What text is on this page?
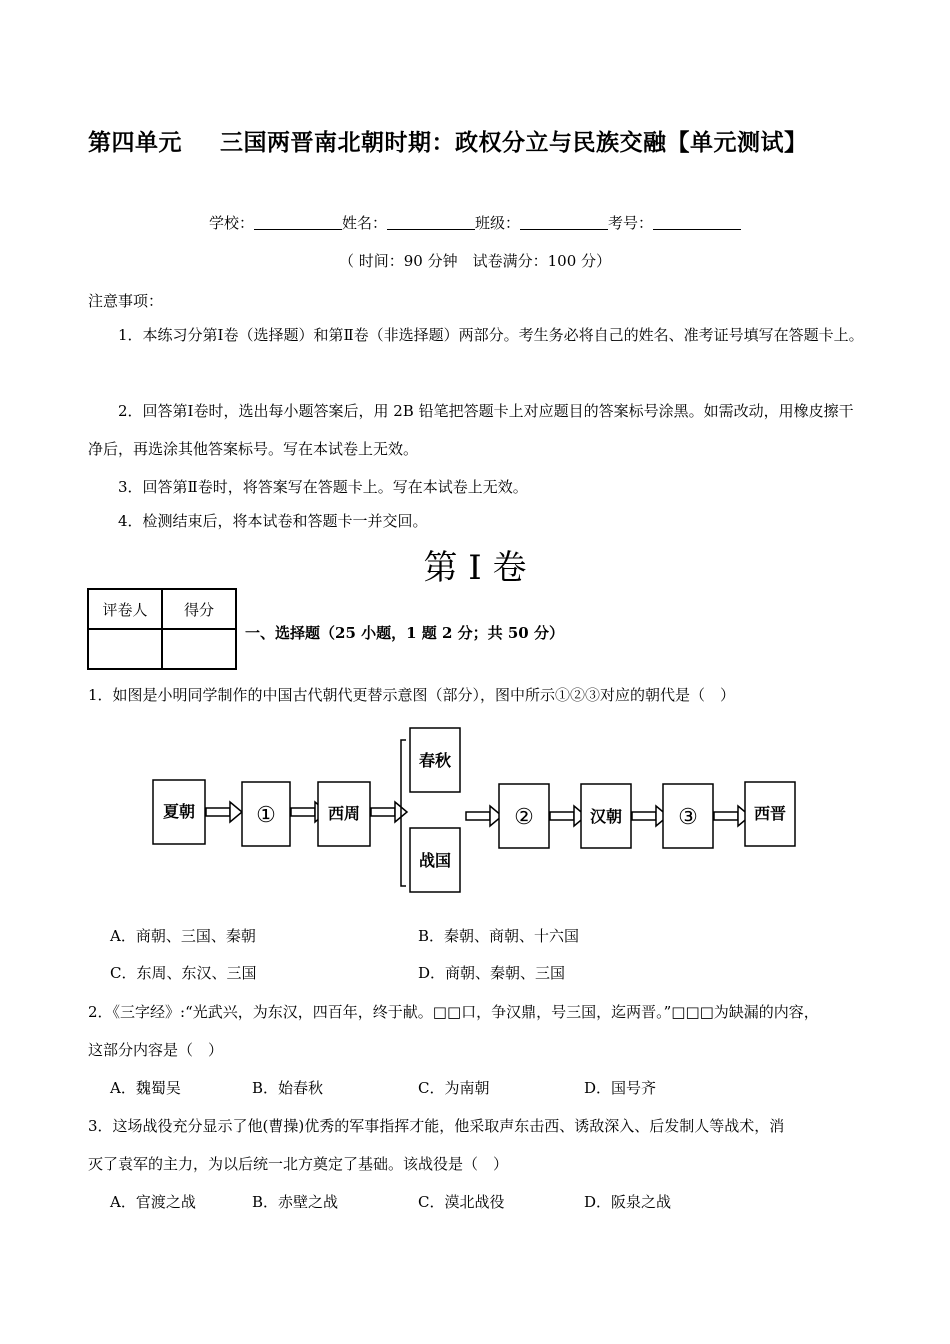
第四单元 三国两晋南北朝时期：政权分立与民族交融【单元测试】
学校：	姓名：	班级：	考号：
（ 时间：90 分钟　试卷满分：100 分）
注意事项：
1．本练习分第Ⅰ卷（选择题）和第Ⅱ卷（非选择题）两部分。考生务必将自己的姓名、准考证号填写在答题卡上。
2．回答第Ⅰ卷时，选出每小题答案后，用 2B 铅笔把答题卡上对应题目的答案标号涂黑。如需改动，用橡皮擦干净后，再选涂其他答案标号。写在本试卷上无效。
3．回答第Ⅱ卷时，将答案写在答题卡上。写在本试卷上无效。
4．检测结束后，将本试卷和答题卡一并交回。
第 I 卷
评卷人	得分

一、选择题（25 小题，1 题 2 分；共 50 分）
1．如图是小明同学制作的中国古代朝代更替示意图（部分），图中所示①②③对应的朝代是（　）
夏朝	①	西周
春秋
战国
②	汉朝	③	西晋
A．商朝、三国、秦朝	B．秦朝、商朝、十六国
C．东周、东汉、三国	D．商朝、秦朝、三国
2．《三字经》:“光武兴，为东汉，四百年，终于献。□□口，争汉鼎，号三国，迄两晋。”□□□为缺漏的内容，
这部分内容是（　）
A．魏蜀吴	B．始春秋	C．为南朝	D．国号齐
3．这场战役充分显示了他(曹操)优秀的军事指挥才能，他采取声东击西、诱敌深入、后发制人等战术，消
灭了袁军的主力，为以后统一北方奠定了基础。该战役是（　）
A．官渡之战	B．赤壁之战	C．漠北战役	D．阪泉之战
